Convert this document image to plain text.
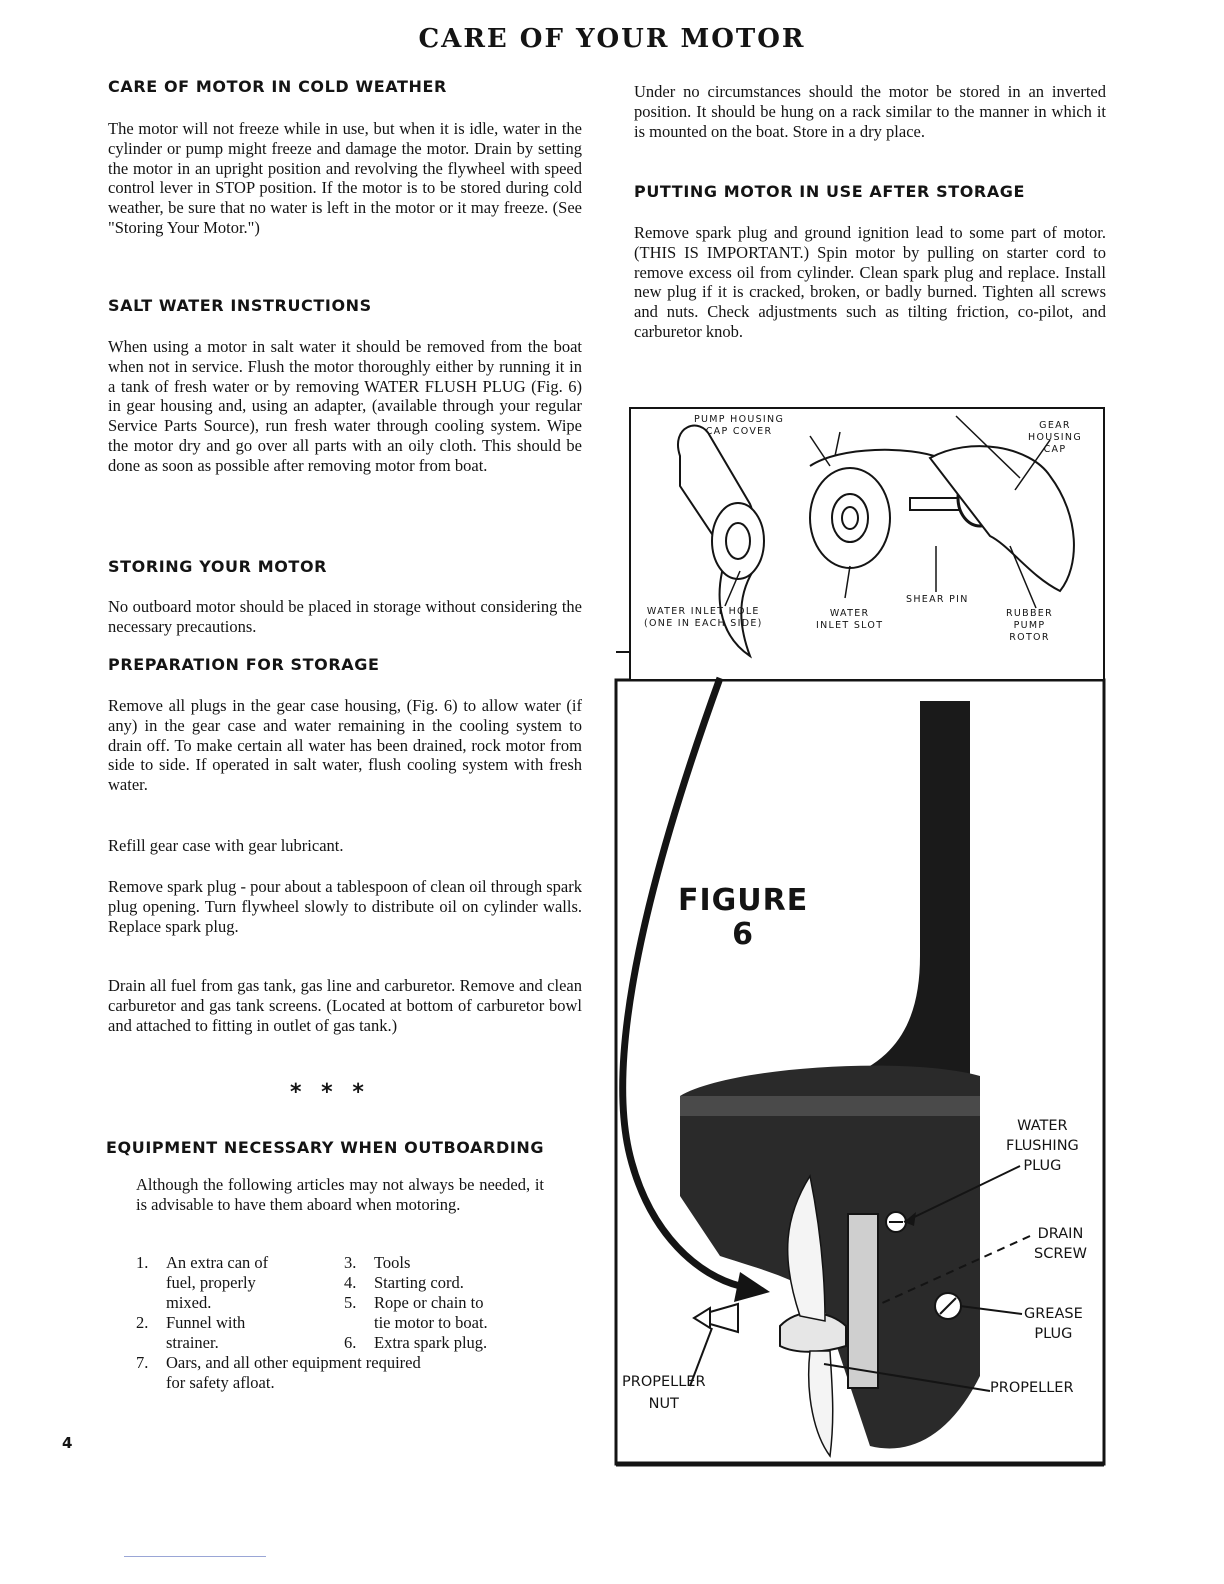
CARE OF YOUR MOTOR
CARE OF MOTOR IN COLD WEATHER

The motor will not freeze while in use, but when it is idle, water in the cylinder or pump might freeze and damage the motor. Drain by setting the motor in an upright position and revolving the flywheel with speed control lever in STOP position. If the motor is to be stored during cold weather, be sure that no water is left in the motor or it may freeze. (See "Storing Your Motor.")

SALT WATER INSTRUCTIONS

When using a motor in salt water it should be removed from the boat when not in service. Flush the motor thoroughly either by running it in a tank of fresh water or by removing WATER FLUSH PLUG (Fig. 6) in gear housing and, using an adapter, (available through your regular Service Parts Source), run fresh water through cooling system. Wipe the motor dry and go over all parts with an oily cloth. This should be done as soon as possible after removing motor from boat.

STORING YOUR MOTOR

No outboard motor should be placed in storage without considering the necessary precautions.

PREPARATION FOR STORAGE

Remove all plugs in the gear case housing, (Fig. 6) to allow water (if any) in the gear case and water remaining in the cooling system to drain off. To make certain all water has been drained, rock motor from side to side. If operated in salt water, flush cooling system with fresh water.

Refill gear case with gear lubricant.

Remove spark plug - pour about a tablespoon of clean oil through spark plug opening. Turn flywheel slowly to distribute oil on cylinder walls. Replace spark plug.

Drain all fuel from gas tank, gas line and carburetor. Remove and clean carburetor and gas tank screens. (Located at bottom of carburetor bowl and attached to fitting in outlet of gas tank.)

EQUIPMENT NECESSARY WHEN OUTBOARDING

Although the following articles may not always be needed, it is advisable to have them aboard when motoring.

* * *
1. An extra can of
fuel, properly
mixed.
2. Funnel with
strainer.
3. Tools
4. Starting cord.
5. Rope or chain to
tie motor to boat.
6. Extra spark plug.
7. Oars, and all other equipment required
for safety afloat.
4

Under no circumstances should the motor be stored in an inverted position. It should be hung on a rack similar to the manner in which it is mounted on the boat. Store in a dry place.

PUTTING MOTOR IN USE AFTER STORAGE

Remove spark plug and ground ignition lead to some part of motor. (THIS IS IMPORTANT.) Spin motor by pulling on starter cord to remove excess oil from cylinder. Clean spark plug and replace. Install new plug if it is cracked, broken, or badly burned. Tighten all screws and nuts. Check adjustments such as tilting friction, co-pilot, and carburetor knob.

PUMP HOUSING
CAP COVER
GEAR
HOUSING
CAP
WATER INLET HOLE
(ONE IN EACH SIDE)
WATER
INLET SLOT
SHEAR PIN
RUBBER
PUMP
ROTOR
FIGURE
6
WATER
FLUSHING
PLUG
DRAIN
SCREW
GREASE
PLUG
PROPELLER
NUT
PROPELLER
